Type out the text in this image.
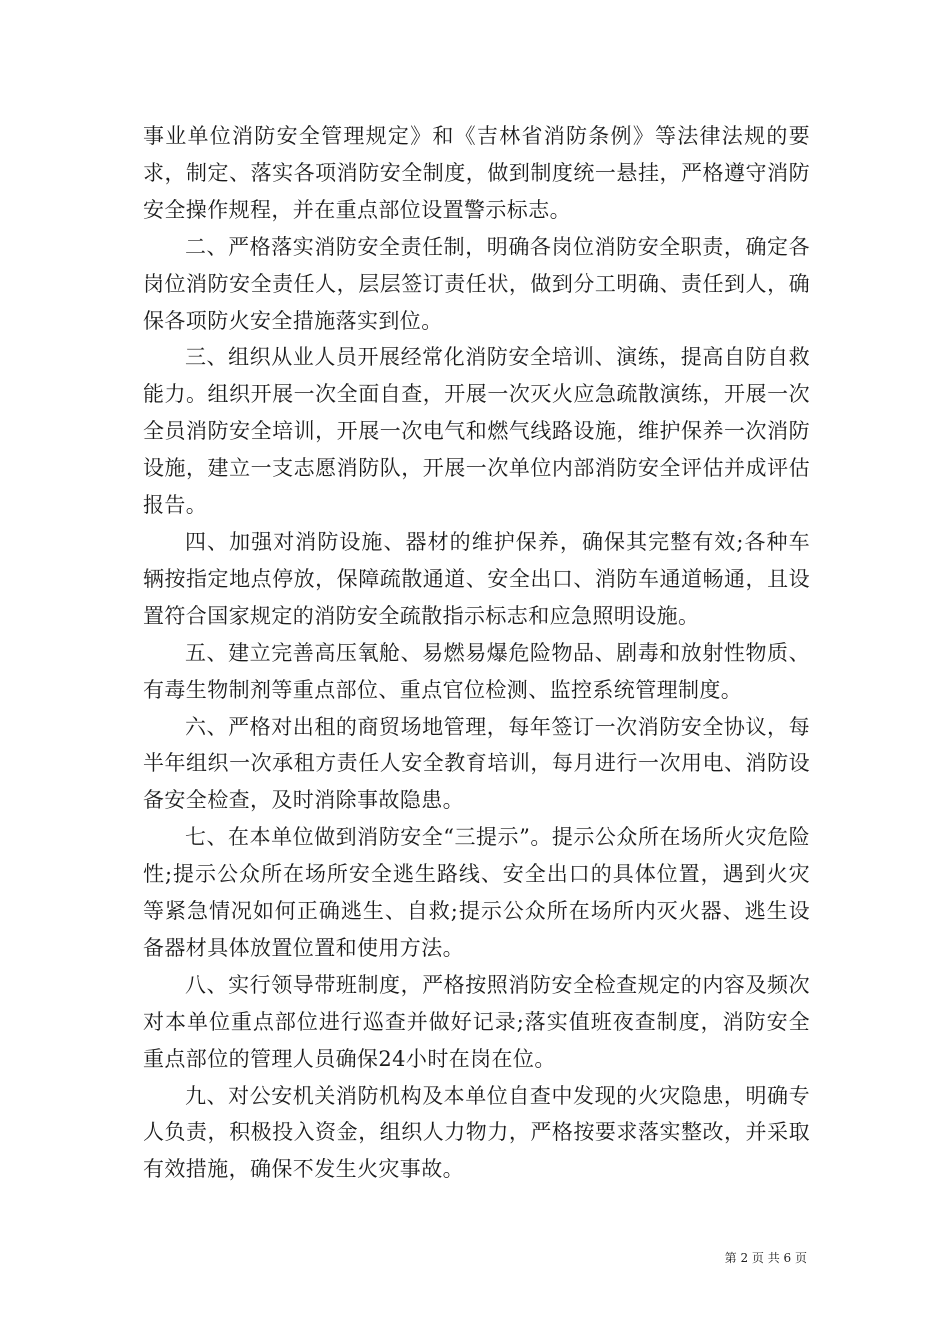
事业单位消防安全管理规定》和《吉林省消防条例》等法律法规的要求，制定、落实各项消防安全制度，做到制度统一悬挂，严格遵守消防安全操作规程，并在重点部位设置警示标志。

二、严格落实消防安全责任制，明确各岗位消防安全职责，确定各岗位消防安全责任人，层层签订责任状，做到分工明确、责任到人，确保各项防火安全措施落实到位。

三、组织从业人员开展经常化消防安全培训、演练，提高自防自救能力。组织开展一次全面自查，开展一次灭火应急疏散演练，开展一次全员消防安全培训，开展一次电气和燃气线路设施，维护保养一次消防设施，建立一支志愿消防队，开展一次单位内部消防安全评估并成评估报告。

四、加强对消防设施、器材的维护保养，确保其完整有效;各种车辆按指定地点停放，保障疏散通道、安全出口、消防车通道畅通，且设置符合国家规定的消防安全疏散指示标志和应急照明设施。

五、建立完善高压氧舱、易燃易爆危险物品、剧毒和放射性物质、有毒生物制剂等重点部位、重点官位检测、监控系统管理制度。

六、严格对出租的商贸场地管理，每年签订一次消防安全协议，每半年组织一次承租方责任人安全教育培训，每月进行一次用电、消防设备安全检查，及时消除事故隐患。

七、在本单位做到消防安全“三提示”。提示公众所在场所火灾危险性;提示公众所在场所安全逃生路线、安全出口的具体位置，遇到火灾等紧急情况如何正确逃生、自救;提示公众所在场所内灭火器、逃生设备器材具体放置位置和使用方法。

八、实行领导带班制度，严格按照消防安全检查规定的内容及频次对本单位重点部位进行巡查并做好记录;落实值班夜查制度，消防安全重点部位的管理人员确保24小时在岗在位。

九、对公安机关消防机构及本单位自查中发现的火灾隐患，明确专人负责，积极投入资金，组织人力物力，严格按要求落实整改，并采取有效措施，确保不发生火灾事故。

第 2 页 共 6 页
